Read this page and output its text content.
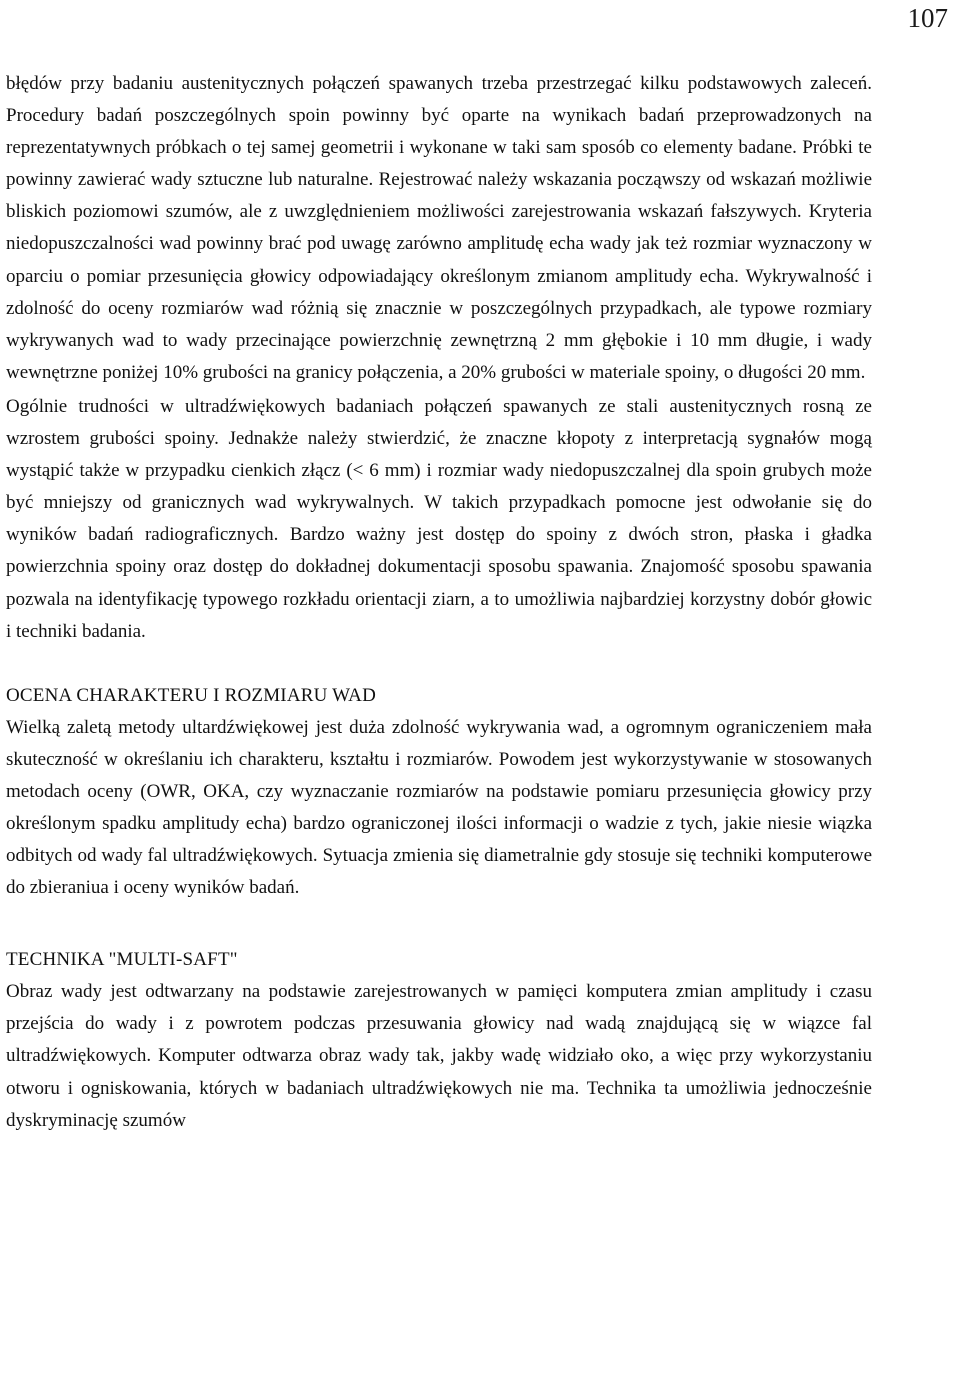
107

błędów przy badaniu austenitycznych połączeń spawanych trzeba przestrzegać kilku podstawowych zaleceń. Procedury badań poszczególnych spoin powinny być oparte na wynikach badań przeprowadzonych na reprezentatywnych próbkach o tej samej geometrii i wykonane w taki sam sposób co elementy badane. Próbki te powinny zawierać wady sztuczne lub naturalne. Rejestrować należy wskazania począwszy od wskazań możliwie bliskich poziomowi szumów, ale z uwzględnieniem możliwości zarejestrowania wskazań fałszywych. Kryteria niedopuszczalności wad powinny brać pod uwagę zarówno amplitudę echa wady jak też rozmiar wyznaczony w oparciu o pomiar przesunięcia głowicy odpowiadający określonym zmianom amplitudy echa. Wykrywalność i zdolność do oceny rozmiarów wad różnią się znacznie w poszczególnych przypadkach, ale typowe rozmiary wykrywanych wad to wady przecinające powierzchnię zewnętrzną 2 mm głębokie i 10 mm długie, i wady wewnętrzne poniżej 10% grubości na granicy połączenia, a 20% grubości w materiale spoiny, o długości 20 mm.

Ogólnie trudności w ultradźwiękowych badaniach połączeń spawanych ze stali austenitycznych rosną ze wzrostem grubości spoiny. Jednakże należy stwierdzić, że znaczne kłopoty z interpretacją sygnałów mogą wystąpić także w przypadku cienkich złącz (< 6 mm) i rozmiar wady niedopuszczalnej dla spoin grubych może być mniejszy od granicznych wad wykrywalnych. W takich przypadkach pomocne jest odwołanie się do wyników badań radiograficznych. Bardzo ważny jest dostęp do spoiny z dwóch stron, płaska i gładka powierzchnia spoiny oraz dostęp do dokładnej dokumentacji sposobu spawania. Znajomość sposobu spawania pozwala na identyfikację typowego rozkładu orientacji ziarn, a to umożliwia najbardziej korzystny dobór głowic i techniki badania.

OCENA CHARAKTERU I ROZMIARU WAD

Wielką zaletą metody ultardźwiękowej jest duża zdolność wykrywania wad, a ogromnym ograniczeniem mała skuteczność w określaniu ich charakteru, kształtu i rozmiarów. Powodem jest wykorzystywanie w stosowanych metodach oceny (OWR, OKA, czy wyznaczanie rozmiarów na podstawie pomiaru przesunięcia głowicy przy określonym spadku amplitudy echa) bardzo ograniczonej ilości informacji o wadzie z tych, jakie niesie wiązka odbitych od wady fal ultradźwiękowych. Sytuacja zmienia się diametralnie gdy stosuje się techniki komputerowe do zbieraniua i oceny wyników badań.

TECHNIKA "MULTI-SAFT"

Obraz wady jest odtwarzany na podstawie zarejestrowanych w pamięci komputera zmian amplitudy i czasu przejścia do wady i z powrotem podczas przesuwania głowicy nad wadą znajdującą się w wiązce fal ultradźwiękowych. Komputer odtwarza obraz wady tak, jakby wadę widziało oko, a więc przy wykorzystaniu otworu i ogniskowania, których w badaniach ultradźwiękowych nie ma. Technika ta umożliwia jednocześnie dyskryminację szumów
